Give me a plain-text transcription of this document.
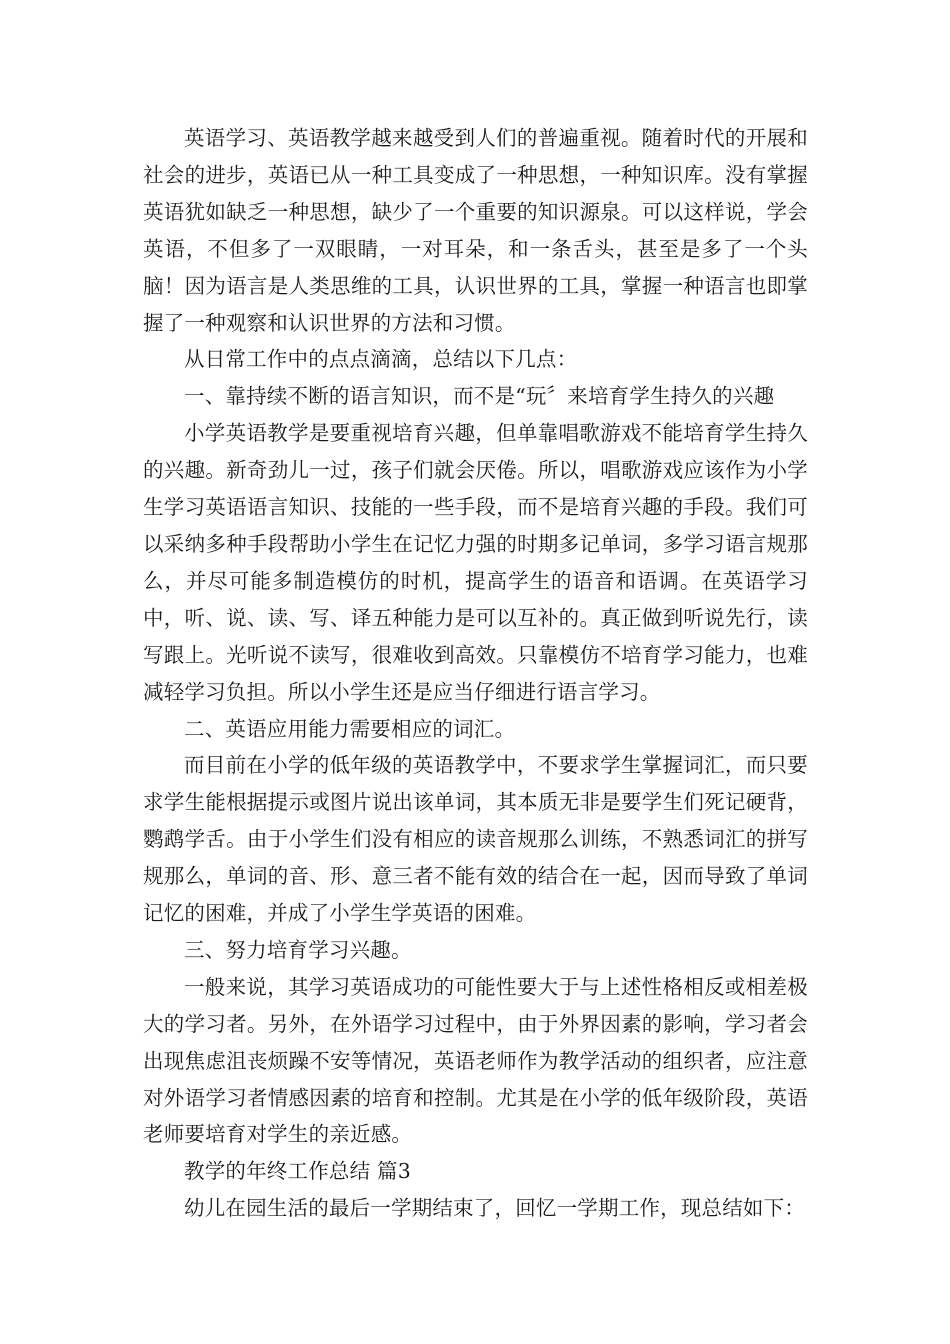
英语学习、英语教学越来越受到人们的普遍重视。随着时代的开展和社会的进步，英语已从一种工具变成了一种思想，一种知识库。没有掌握英语犹如缺乏一种思想，缺少了一个重要的知识源泉。可以这样说，学会英语，不但多了一双眼睛，一对耳朵，和一条舌头，甚至是多了一个头脑！因为语言是人类思维的工具，认识世界的工具，掌握一种语言也即掌握了一种观察和认识世界的方法和习惯。

从日常工作中的点点滴滴，总结以下几点：

一、靠持续不断的语言知识，而不是“玩〞来培育学生持久的兴趣

小学英语教学是要重视培育兴趣，但单靠唱歌游戏不能培育学生持久的兴趣。新奇劲儿一过，孩子们就会厌倦。所以，唱歌游戏应该作为小学生学习英语语言知识、技能的一些手段，而不是培育兴趣的手段。我们可以采纳多种手段帮助小学生在记忆力强的时期多记单词，多学习语言规那么，并尽可能多制造模仿的时机，提高学生的语音和语调。在英语学习中，听、说、读、写、译五种能力是可以互补的。真正做到听说先行，读写跟上。光听说不读写，很难收到高效。只靠模仿不培育学习能力，也难减轻学习负担。所以小学生还是应当仔细进行语言学习。

二、英语应用能力需要相应的词汇。

而目前在小学的低年级的英语教学中，不要求学生掌握词汇，而只要求学生能根据提示或图片说出该单词，其本质无非是要学生们死记硬背，鹦鹉学舌。由于小学生们没有相应的读音规那么训练，不熟悉词汇的拼写规那么，单词的音、形、意三者不能有效的结合在一起，因而导致了单词记忆的困难，并成了小学生学英语的困难。

三、努力培育学习兴趣。

一般来说，其学习英语成功的可能性要大于与上述性格相反或相差极大的学习者。另外，在外语学习过程中，由于外界因素的影响，学习者会出现焦虑沮丧烦躁不安等情况，英语老师作为教学活动的组织者，应注意对外语学习者情感因素的培育和控制。尤其是在小学的低年级阶段，英语老师要培育对学生的亲近感。

教学的年终工作总结 篇3

幼儿在园生活的最后一学期结束了，回忆一学期工作，现总结如下：
